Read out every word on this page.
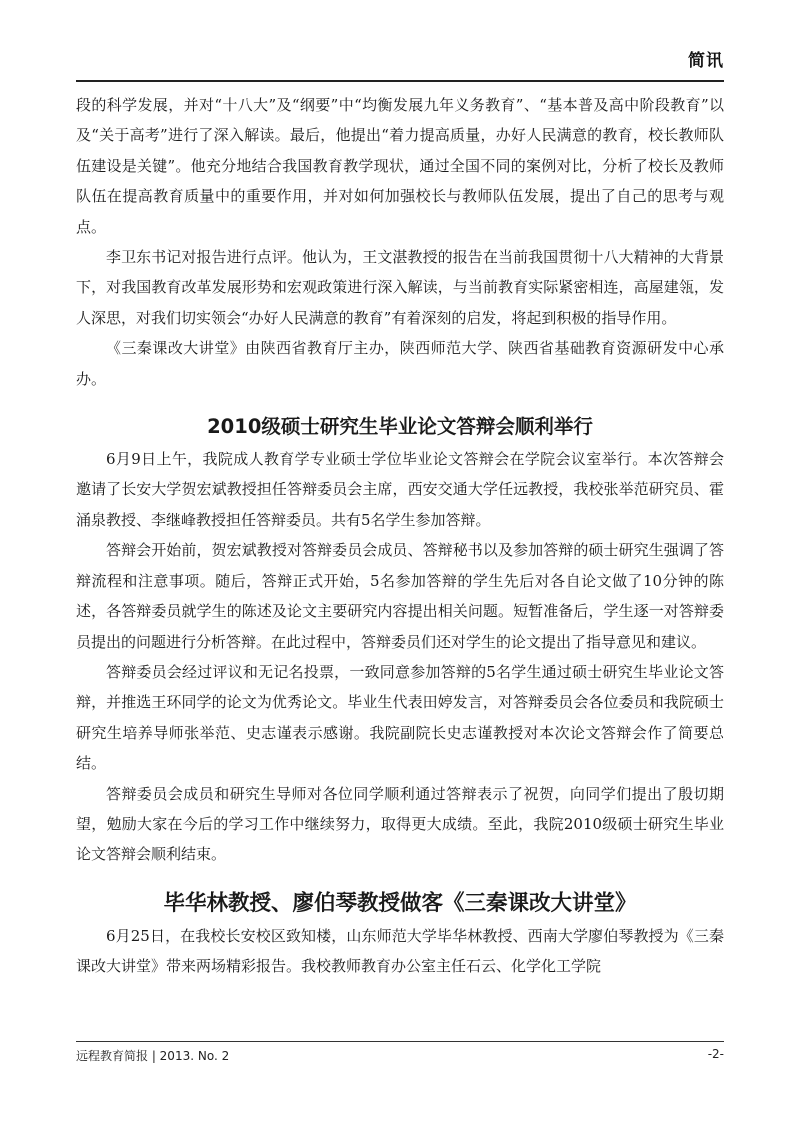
简讯

段的科学发展，并对“十八大”及“纲要”中“均衡发展九年义务教育”、“基本普及高中阶段教育”以及“关于高考”进行了深入解读。最后，他提出“着力提高质量，办好人民满意的教育，校长教师队伍建设是关键”。他充分地结合我国教育教学现状，通过全国不同的案例对比，分析了校长及教师队伍在提高教育质量中的重要作用，并对如何加强校长与教师队伍发展，提出了自己的思考与观点。

李卫东书记对报告进行点评。他认为，王文湛教授的报告在当前我国贯彻十八大精神的大背景下，对我国教育改革发展形势和宏观政策进行深入解读，与当前教育实际紧密相连，高屋建瓴，发人深思，对我们切实领会“办好人民满意的教育”有着深刻的启发，将起到积极的指导作用。

《三秦课改大讲堂》由陕西省教育厅主办，陕西师范大学、陕西省基础教育资源研发中心承办。

2010级硕士研究生毕业论文答辩会顺利举行

6月9日上午，我院成人教育学专业硕士学位毕业论文答辩会在学院会议室举行。本次答辩会邀请了长安大学贺宏斌教授担任答辩委员会主席，西安交通大学任远教授，我校张举范研究员、霍涌泉教授、李继峰教授担任答辩委员。共有5名学生参加答辩。

答辩会开始前，贺宏斌教授对答辩委员会成员、答辩秘书以及参加答辩的硕士研究生强调了答辩流程和注意事项。随后，答辩正式开始，5名参加答辩的学生先后对各自论文做了10分钟的陈述，各答辩委员就学生的陈述及论文主要研究内容提出相关问题。短暂准备后，学生逐一对答辩委员提出的问题进行分析答辩。在此过程中，答辩委员们还对学生的论文提出了指导意见和建议。

答辩委员会经过评议和无记名投票，一致同意参加答辩的5名学生通过硕士研究生毕业论文答辩，并推选王环同学的论文为优秀论文。毕业生代表田婷发言，对答辩委员会各位委员和我院硕士研究生培养导师张举范、史志谨表示感谢。我院副院长史志谨教授对本次论文答辩会作了简要总结。

答辩委员会成员和研究生导师对各位同学顺利通过答辩表示了祝贺，向同学们提出了殷切期望，勉励大家在今后的学习工作中继续努力，取得更大成绩。至此，我院2010级硕士研究生毕业论文答辩会顺利结束。

毕华林教授、廖伯琴教授做客《三秦课改大讲堂》

6月25日，在我校长安校区致知楼，山东师范大学毕华林教授、西南大学廖伯琴教授为《三秦课改大讲堂》带来两场精彩报告。我校教师教育办公室主任石云、化学化工学院

远程教育简报 | 2013. No. 2	-2-
